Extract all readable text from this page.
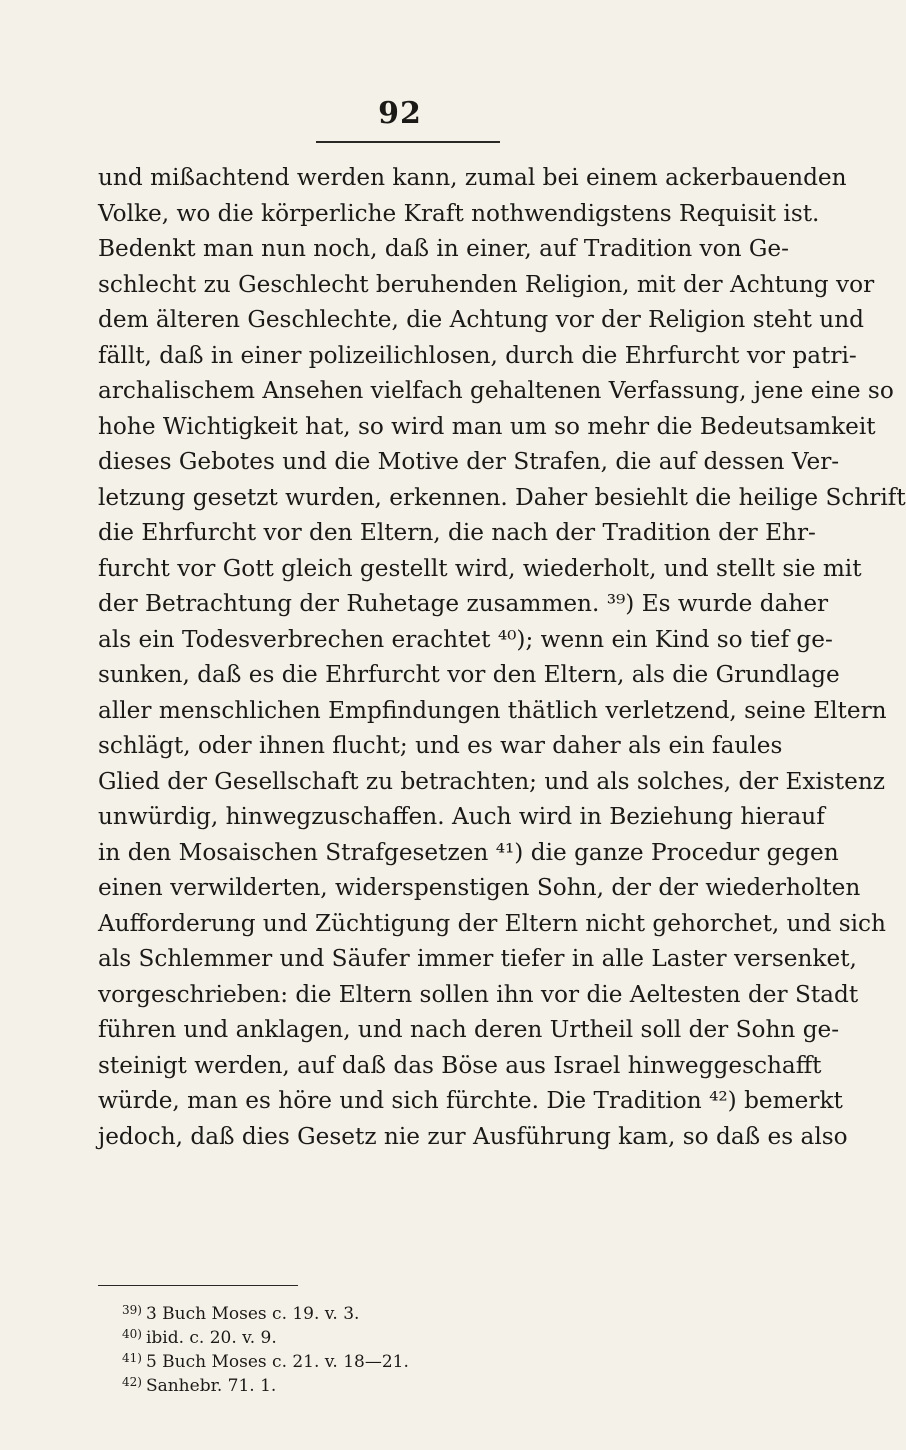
92
und mißachtend werden kann, zumal bei einem ackerbauenden
Volke, wo die körperliche Kraft nothwendigstens Requisit ist.
Bedenkt man nun noch, daß in einer, auf Tradition von Ge-
schlecht zu Geschlecht beruhenden Religion, mit der Achtung vor
dem älteren Geschlechte, die Achtung vor der Religion steht und
fällt, daß in einer polizeilichlosen, durch die Ehrfurcht vor patri-
archalischem Ansehen vielfach gehaltenen Verfassung, jene eine so
hohe Wichtigkeit hat, so wird man um so mehr die Bedeutsamkeit
dieses Gebotes und die Motive der Strafen, die auf dessen Ver-
letzung gesetzt wurden, erkennen. Daher besiehlt die heilige Schrift
die Ehrfurcht vor den Eltern, die nach der Tradition der Ehr-
furcht vor Gott gleich gestellt wird, wiederholt, und stellt sie mit
der Betrachtung der Ruhetage zusammen. ³⁹) Es wurde daher
als ein Todesverbrechen erachtet ⁴⁰); wenn ein Kind so tief ge-
sunken, daß es die Ehrfurcht vor den Eltern, als die Grundlage
aller menschlichen Empfindungen thätlich verletzend, seine Eltern
schlägt, oder ihnen flucht; und es war daher als ein faules
Glied der Gesellschaft zu betrachten; und als solches, der Existenz
unwürdig, hinwegzuschaffen. Auch wird in Beziehung hierauf
in den Mosaischen Strafgesetzen ⁴¹) die ganze Procedur gegen
einen verwilderten, widerspenstigen Sohn, der der wiederholten
Aufforderung und Züchtigung der Eltern nicht gehorchet, und sich
als Schlemmer und Säufer immer tiefer in alle Laster versenket,
vorgeschrieben: die Eltern sollen ihn vor die Aeltesten der Stadt
führen und anklagen, und nach deren Urtheil soll der Sohn ge-
steinigt werden, auf daß das Böse aus Israel hinweggeschafft
würde, man es höre und sich fürchte. Die Tradition ⁴²) bemerkt
jedoch, daß dies Gesetz nie zur Ausführung kam, so daß es also
$^{39)}$ 3 Buch Moses c. 19. v. 3.
$^{40)}$ ibid. c. 20. v. 9.
$^{41)}$ 5 Buch Moses c. 21. v. 18—21.
$^{42)}$ Sanhebr. 71. 1.
